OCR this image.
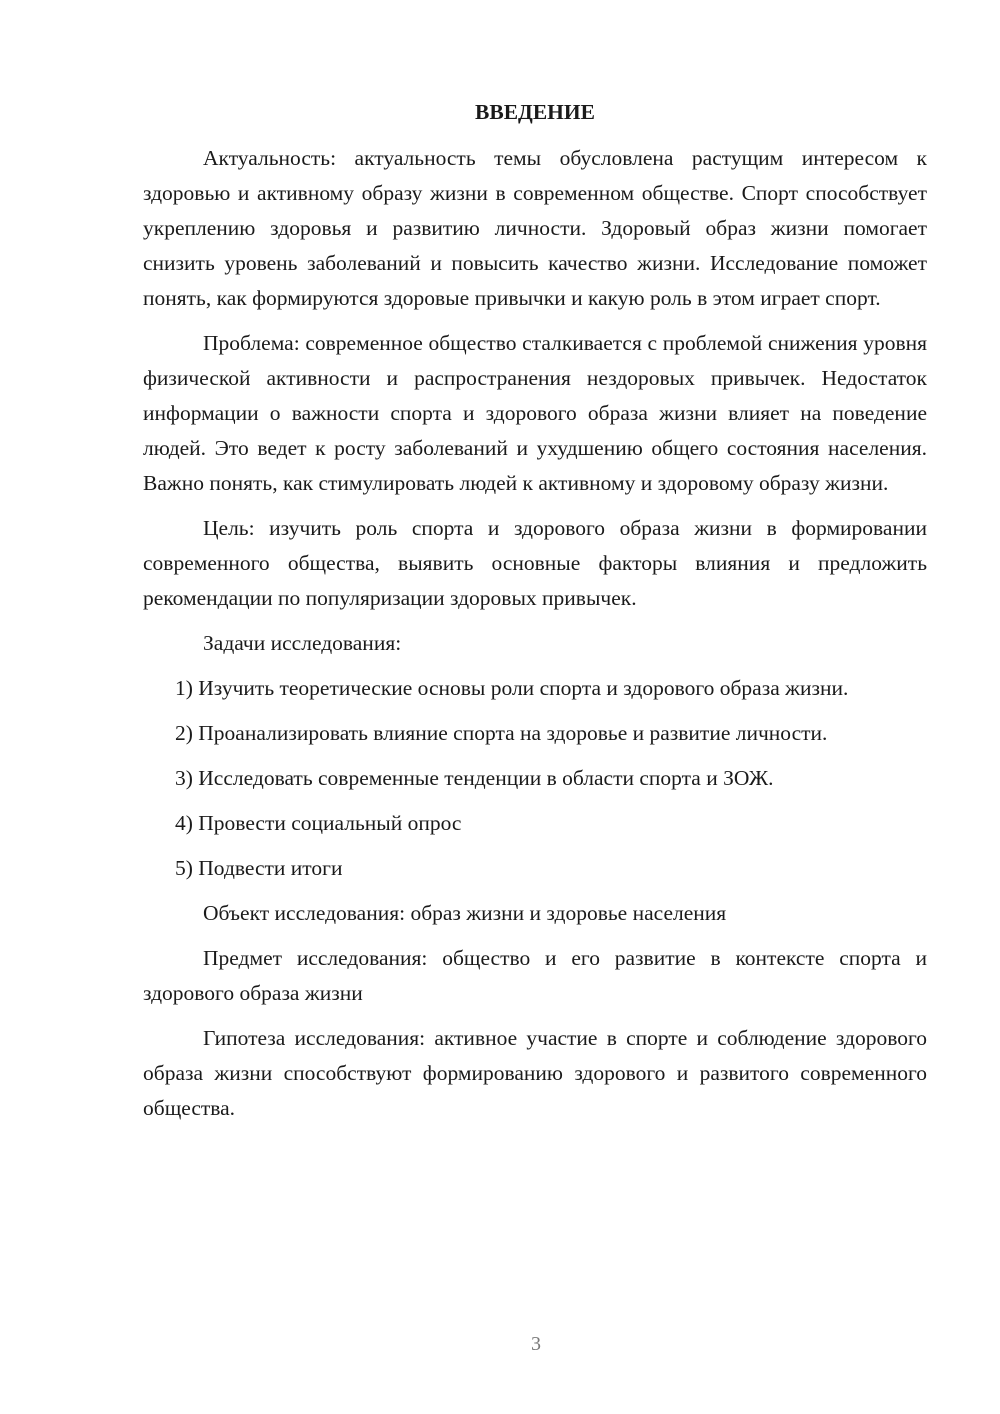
ВВЕДЕНИЕ

Актуальность: актуальность темы обусловлена растущим интересом к здоровью и активному образу жизни в современном обществе. Спорт способствует укреплению здоровья и развитию личности. Здоровый образ жизни помогает снизить уровень заболеваний и повысить качество жизни. Исследование поможет понять, как формируются здоровые привычки и какую роль в этом играет спорт.

Проблема: современное общество сталкивается с проблемой снижения уровня физической активности и распространения нездоровых привычек. Недостаток информации о важности спорта и здорового образа жизни влияет на поведение людей. Это ведет к росту заболеваний и ухудшению общего состояния населения. Важно понять, как стимулировать людей к активному и здоровому образу жизни.

Цель: изучить роль спорта и здорового образа жизни в формировании современного общества, выявить основные факторы влияния и предложить рекомендации по популяризации здоровых привычек.

Задачи исследования:

1) Изучить теоретические основы роли спорта и здорового образа жизни.

2) Проанализировать влияние спорта на здоровье и развитие личности.

3) Исследовать современные тенденции в области спорта и ЗОЖ.

4) Провести социальный опрос

5) Подвести итоги

Объект исследования: образ жизни и здоровье населения

Предмет исследования: общество и его развитие в контексте спорта и здорового образа жизни

Гипотеза исследования: активное участие в спорте и соблюдение здорового образа жизни способствуют формированию здорового и развитого современного общества.

3
